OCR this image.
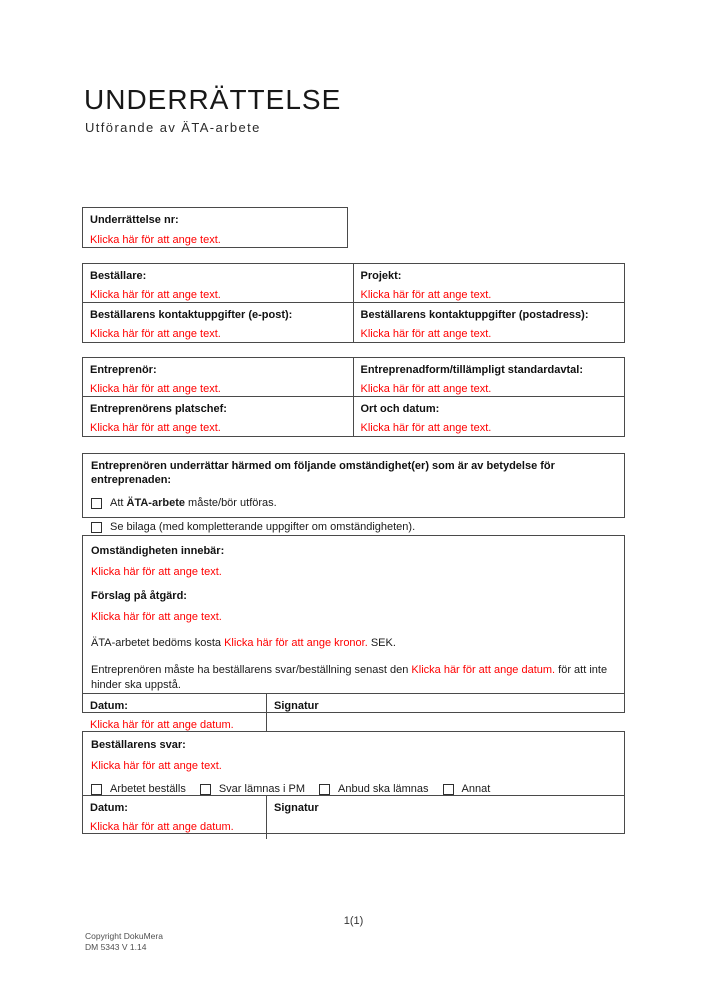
UNDERRÄTTELSE
Utförande av ÄTA-arbete
Underrättelse nr:
Klicka här för att ange text.
Beställare:
Klicka här för att ange text.
Projekt:
Klicka här för att ange text.
Beställarens kontaktuppgifter (e-post):
Klicka här för att ange text.
Beställarens kontaktuppgifter (postadress):
Klicka här för att ange text.
Entreprenör:
Klicka här för att ange text.
Entreprenadform/tillämpligt standardavtal:
Klicka här för att ange text.
Entreprenörens platschef:
Klicka här för att ange text.
Ort och datum:
Klicka här för att ange text.
Entreprenören underrättar härmed om följande omständighet(er) som är av betydelse för entreprenaden:
Att ÄTA-arbete måste/bör utföras.
Se bilaga (med kompletterande uppgifter om omständigheten).
Omständigheten innebär:
Klicka här för att ange text.
Förslag på åtgärd:
Klicka här för att ange text.
ÄTA-arbetet bedöms kosta Klicka här för att ange kronor. SEK.
Entreprenören måste ha beställarens svar/beställning senast den Klicka här för att ange datum. för att inte hinder ska uppstå.
Datum:
Klicka här för att ange datum.
Signatur
Beställarens svar:
Klicka här för att ange text.
Arbetet beställs	Svar lämnas i PM	Anbud ska lämnas	Annat
Datum:
Klicka här för att ange datum.
Signatur
1(1)
Copyright DokuMera
DM 5343 V 1.14
